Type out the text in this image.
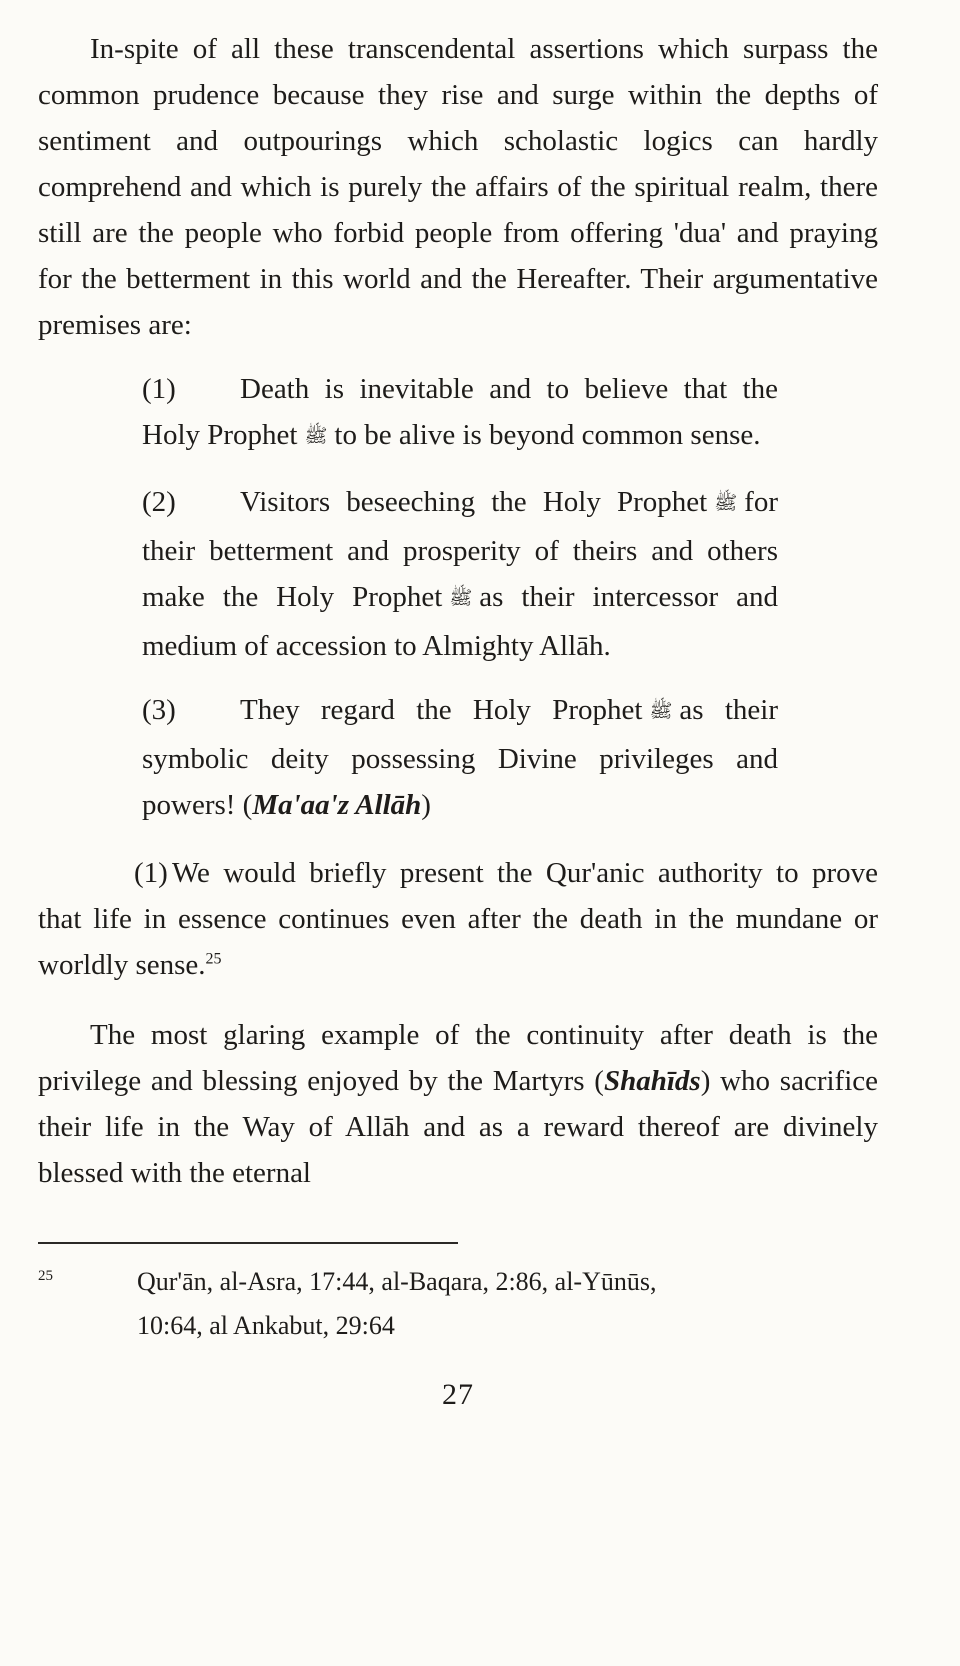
In-spite of all these transcendental assertions which surpass the common prudence because they rise and surge within the depths of sentiment and outpourings which scholastic logics can hardly comprehend and which is purely the affairs of the spiritual realm, there still are the people who forbid people from offering 'dua' and praying for the betterment in this world and the Hereafter. Their argumentative premises are:

(1) Death is inevitable and to believe that the Holy Prophet ﷺ to be alive is beyond common sense.

(2) Visitors beseeching the Holy Prophet ﷺ for their betterment and prosperity of theirs and others make the Holy Prophet ﷺ as their intercessor and medium of accession to Almighty Allāh.

(3) They regard the Holy Prophet ﷺ as their symbolic deity possessing Divine privileges and powers! (Ma'aa'z Allāh)

(1) We would briefly present the Qur'anic authority to prove that life in essence continues even after the death in the mundane or worldly sense.$^{25}$

The most glaring example of the continuity after death is the privilege and blessing enjoyed by the Martyrs (Shahīds) who sacrifice their life in the Way of Allāh and as a reward thereof are divinely blessed with the eternal

25	Qur'ān, al-Asra, 17:44, al-Baqara, 2:86, al-Yūnūs, 10:64, al Ankabut, 29:64
27
